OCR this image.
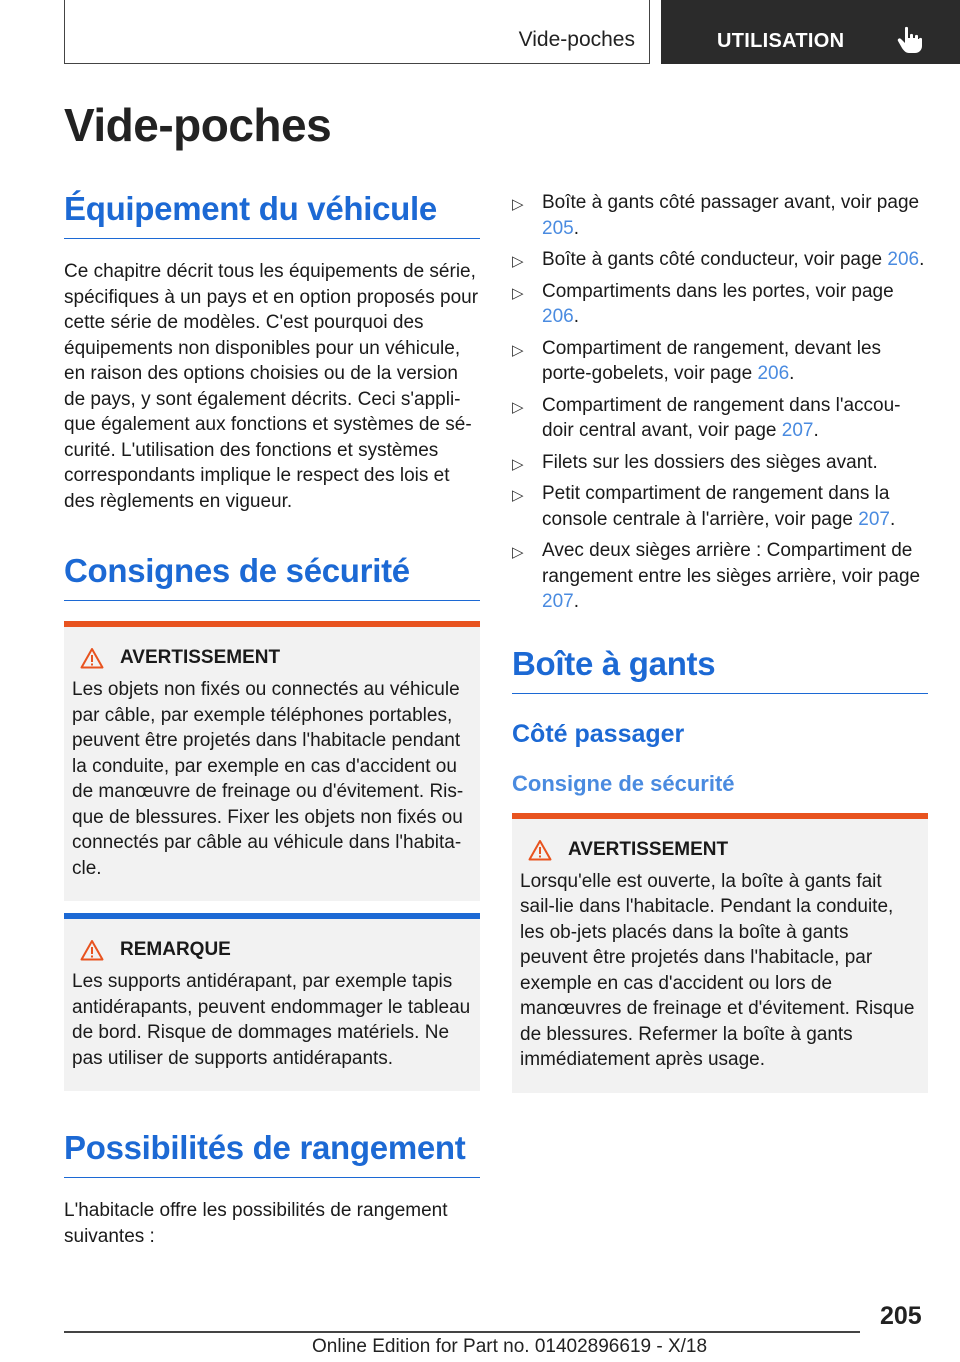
Vide-poches	UTILISATION
Vide-poches
Équipement du véhicule

Ce chapitre décrit tous les équipements de série, spécifiques à un pays et en option proposés pour cette série de modèles. C'est pourquoi des équipements non disponibles pour un véhicule, en raison des options choisies ou de la version de pays, y sont également décrits. Ceci s'appli-que également aux fonctions et systèmes de sé-curité. L'utilisation des fonctions et systèmes correspondants implique le respect des lois et des règlements en vigueur.

Consignes de sécurité
AVERTISSEMENT

Les objets non fixés ou connectés au véhicule par câble, par exemple téléphones portables, peuvent être projetés dans l'habitacle pendant la conduite, par exemple en cas d'accident ou de manœuvre de freinage ou d'évitement. Ris-que de blessures. Fixer les objets non fixés ou connectés par câble au véhicule dans l'habita-cle.

REMARQUE

Les supports antidérapant, par exemple tapis antidérapants, peuvent endommager le tableau de bord. Risque de dommages matériels. Ne pas utiliser de supports antidérapants.

Possibilités de rangement

L'habitacle offre les possibilités de rangement suivantes :

▷ Boîte à gants côté passager avant, voir page 205.
▷ Boîte à gants côté conducteur, voir page 206.
▷ Compartiments dans les portes, voir page 206.
▷ Compartiment de rangement, devant les porte-gobelets, voir page 206.
▷ Compartiment de rangement dans l'accou-doir central avant, voir page 207.
▷ Filets sur les dossiers des sièges avant.
▷ Petit compartiment de rangement dans la console centrale à l'arrière, voir page 207.
▷ Avec deux sièges arrière : Compartiment de rangement entre les sièges arrière, voir page 207.
Boîte à gants
Côté passager
Consigne de sécurité
AVERTISSEMENT

Lorsqu'elle est ouverte, la boîte à gants fait sail-lie dans l'habitacle. Pendant la conduite, les ob-jets placés dans la boîte à gants peuvent être projetés dans l'habitacle, par exemple en cas d'accident ou lors de manœuvres de freinage et d'évitement. Risque de blessures. Refermer la boîte à gants immédiatement après usage.

205
Online Edition for Part no. 01402896619 - X/18
